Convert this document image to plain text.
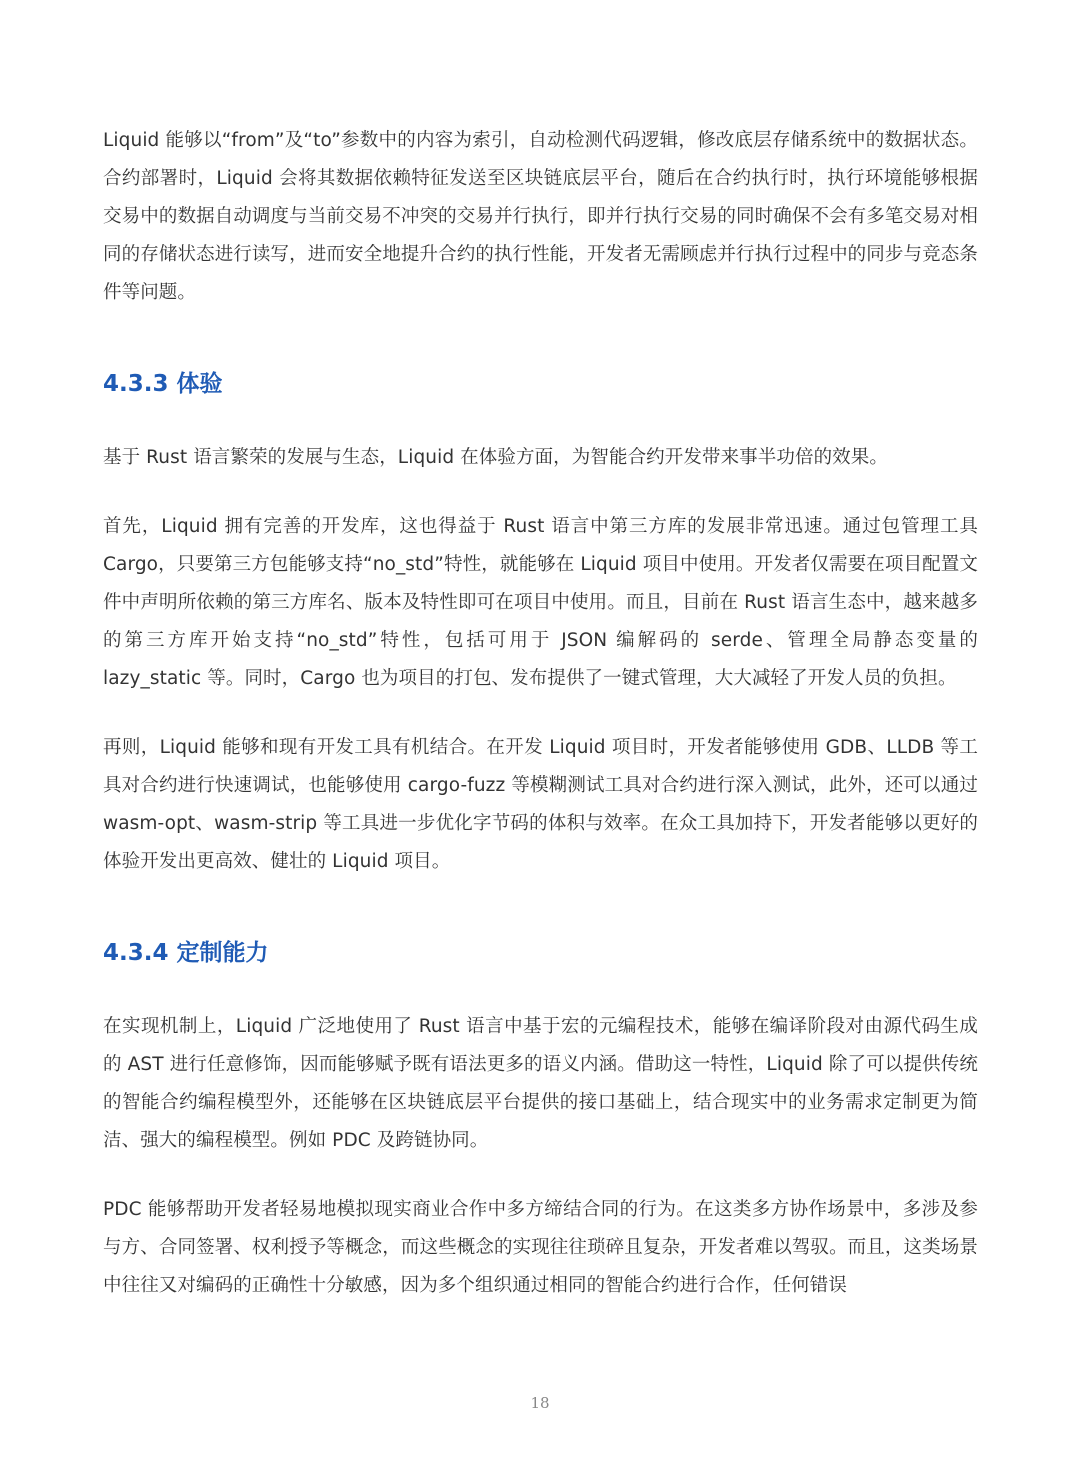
Liquid 能够以“from”及“to”参数中的内容为索引，自动检测代码逻辑，修改底层存储系统中的数据状态。合约部署时，Liquid 会将其数据依赖特征发送至区块链底层平台，随后在合约执行时，执行环境能够根据交易中的数据自动调度与当前交易不冲突的交易并行执行，即并行执行交易的同时确保不会有多笔交易对相同的存储状态进行读写，进而安全地提升合约的执行性能，开发者无需顾虑并行执行过程中的同步与竞态条件等问题。

4.3.3 体验

基于 Rust 语言繁荣的发展与生态，Liquid 在体验方面，为智能合约开发带来事半功倍的效果。

首先，Liquid 拥有完善的开发库，这也得益于 Rust 语言中第三方库的发展非常迅速。通过包管理工具 Cargo，只要第三方包能够支持“no_std”特性，就能够在 Liquid 项目中使用。开发者仅需要在项目配置文件中声明所依赖的第三方库名、版本及特性即可在项目中使用。而且，目前在 Rust 语言生态中，越来越多的第三方库开始支持“no_std”特性，包括可用于 JSON 编解码的 serde、管理全局静态变量的 lazy_static 等。同时，Cargo 也为项目的打包、发布提供了一键式管理，大大减轻了开发人员的负担。

再则，Liquid 能够和现有开发工具有机结合。在开发 Liquid 项目时，开发者能够使用 GDB、LLDB 等工具对合约进行快速调试，也能够使用 cargo-fuzz 等模糊测试工具对合约进行深入测试，此外，还可以通过 wasm-opt、wasm-strip 等工具进一步优化字节码的体积与效率。在众工具加持下，开发者能够以更好的体验开发出更高效、健壮的 Liquid 项目。

4.3.4 定制能力

在实现机制上，Liquid 广泛地使用了 Rust 语言中基于宏的元编程技术，能够在编译阶段对由源代码生成的 AST 进行任意修饰，因而能够赋予既有语法更多的语义内涵。借助这一特性，Liquid 除了可以提供传统的智能合约编程模型外，还能够在区块链底层平台提供的接口基础上，结合现实中的业务需求定制更为简洁、强大的编程模型。例如 PDC 及跨链协同。

PDC 能够帮助开发者轻易地模拟现实商业合作中多方缔结合同的行为。在这类多方协作场景中，多涉及参与方、合同签署、权利授予等概念，而这些概念的实现往往琐碎且复杂，开发者难以驾驭。而且，这类场景中往往又对编码的正确性十分敏感，因为多个组织通过相同的智能合约进行合作，任何错误

18
